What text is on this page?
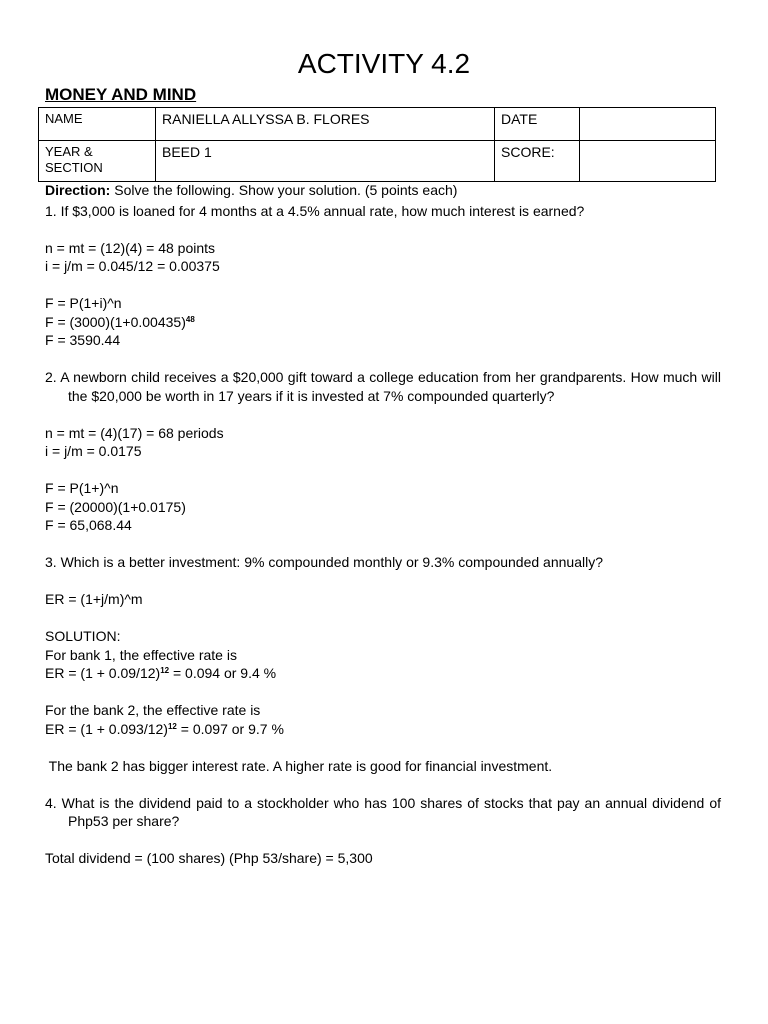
ACTIVITY 4.2
MONEY AND MIND
NAME	RANIELLA ALLYSSA B. FLORES	DATE	

YEAR &
SECTION	BEED 1	SCORE:	

Direction: Solve the following. Show your solution. (5 points each)

1. If $3,000 is loaned for 4 months at a 4.5% annual rate, how much interest is earned?

n = mt = (12)(4) = 48 points

i = j/m = 0.045/12 = 0.00375

F = P(1+i)^n

$F = (3000)(1+0.00435)^{48}$

F = 3590.44

2. A newborn child receives a $20,000 gift toward a college education from her grandparents. How much will the $20,000 be worth in 17 years if it is invested at 7% compounded quarterly?

n = mt = (4)(17) = 68 periods

i = j/m = 0.0175

F = P(1+)^n

F = (20000)(1+0.0175)

F = 65,068.44

3. Which is a better investment: 9% compounded monthly or 9.3% compounded annually?

ER = (1+j/m)^m

SOLUTION:

For bank 1, the effective rate is

ER = $(1 + 0.09/12)^{12} = 0.094$ or 9.4 %

For the bank 2, the effective rate is

ER = $(1 + 0.093/12)^{12} = 0.097$ or 9.7 %

The bank 2 has bigger interest rate. A higher rate is good for financial investment.

4. What is the dividend paid to a stockholder who has 100 shares of stocks that pay an annual dividend of Php53 per share?

Total dividend = (100 shares) (Php 53/share) = 5,300
